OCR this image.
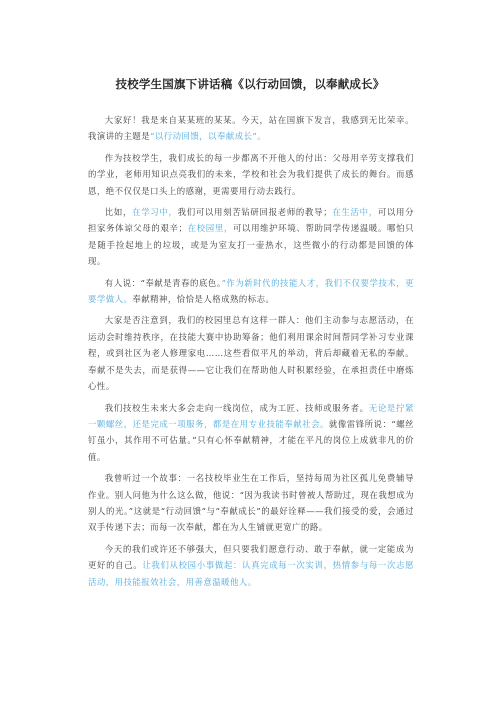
技校学生国旗下讲话稿《以行动回馈，以奉献成长》

大家好！我是来自某某班的某某。今天，站在国旗下发言，我感到无比荣幸。我演讲的主题是“以行动回馈，以奉献成长”。

作为技校学生，我们成长的每一步都离不开他人的付出：父母用辛劳支撑我们的学业，老师用知识点亮我们的未来，学校和社会为我们提供了成长的舞台。而感恩，绝不仅仅是口头上的感谢，更需要用行动去践行。

比如，在学习中，我们可以用刻苦钻研回报老师的教导；在生活中，可以用分担家务体谅父母的艰辛；在校园里，可以用维护环境、帮助同学传递温暖。哪怕只是随手捡起地上的垃圾，或是为室友打一壶热水，这些微小的行动都是回馈的体现。

有人说：“奉献是青春的底色。”作为新时代的技能人才，我们不仅要学技术，更要学做人。奉献精神，恰恰是人格成熟的标志。

大家是否注意到，我们的校园里总有这样一群人：他们主动参与志愿活动，在运动会时维持秩序，在技能大赛中协助筹备；他们利用课余时间帮同学补习专业课程，或到社区为老人修理家电……这些看似平凡的举动，背后却藏着无私的奉献。奉献不是失去，而是获得——它让我们在帮助他人时积累经验，在承担责任中磨炼心性。

我们技校生未来大多会走向一线岗位，成为工匠、技师或服务者。无论是拧紧一颗螺丝，还是完成一项服务，都是在用专业技能奉献社会。就像雷锋所说：“螺丝钉虽小，其作用不可估量。”只有心怀奉献精神，才能在平凡的岗位上成就非凡的价值。

我曾听过一个故事：一名技校毕业生在工作后，坚持每周为社区孤儿免费辅导作业。别人问他为什么这么做，他说：“因为我读书时曾被人帮助过，现在我想成为别人的光。”这就是“行动回馈”与“奉献成长”的最好诠释——我们接受的爱，会通过双手传递下去；而每一次奉献，都在为人生铺就更宽广的路。

今天的我们或许还不够强大，但只要我们愿意行动、敢于奉献，就一定能成为更好的自己。让我们从校园小事做起：认真完成每一次实训，热情参与每一次志愿活动，用技能报效社会，用善意温暖他人。
